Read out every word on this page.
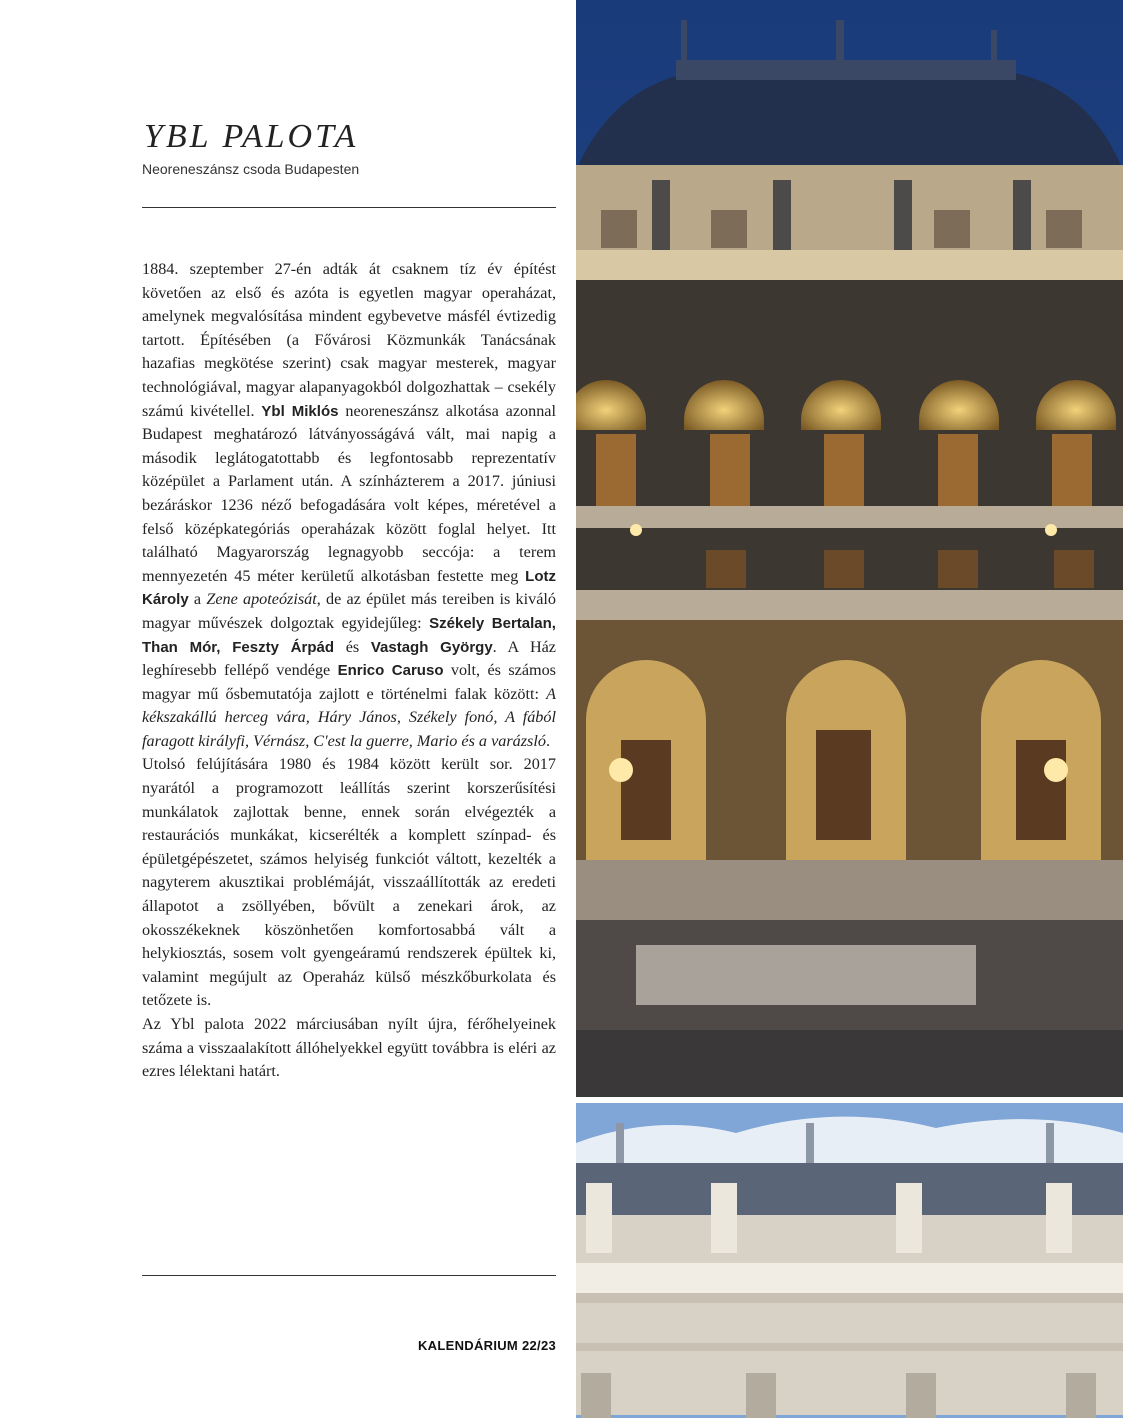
YBL PALOTA
Neoreneszánsz csoda Budapesten

1884. szeptember 27-én adták át csaknem tíz év építést követően az első és azóta is egyetlen magyar operaházat, amelynek megvalósítása mindent egybevetve másfél évtizedig tartott. Építésében (a Fővárosi Közmunkák Tanácsának hazafias megkötése szerint) csak magyar mesterek, magyar technológiával, magyar alapanyagokból dolgozhattak – csekély számú kivétellel. Ybl Miklós neoreneszánsz alkotása azonnal Budapest meghatározó látványosságává vált, mai napig a második leglátogatottabb és legfontosabb reprezentatív középület a Parlament után. A színházterem a 2017. júniusi bezáráskor 1236 néző befogadására volt képes, méretével a felső középkategóriás operaházak között foglal helyet. Itt található Magyarország legnagyobb seccója: a terem mennyezetén 45 méter kerületű alkotásban festette meg Lotz Károly a Zene apoteózisát, de az épület más tereiben is kiváló magyar művészek dolgoztak egyidejűleg: Székely Bertalan, Than Mór, Feszty Árpád és Vastagh György. A Ház leghíresebb fellépő vendége Enrico Caruso volt, és számos magyar mű ősbemutatója zajlott e történelmi falak között: A kékszakállú herceg vára, Háry János, Székely fonó, A fából faragott királyfi, Vérnász, C'est la guerre, Mario és a varázsló.

Utolsó felújítására 1980 és 1984 között került sor. 2017 nyarától a programozott leállítás szerint korszerűsítési munkálatok zajlottak benne, ennek során elvégezték a restaurációs munkákat, kicserélték a komplett színpad- és épületgépészetet, számos helyiség funkciót váltott, kezelték a nagyterem akusztikai problémáját, visszaállították az eredeti állapotot a zsöllyében, bővült a zenekari árok, az okosszékeknek köszönhetően komfortosabbá vált a helykiosztás, sosem volt gyengeáramú rendszerek épültek ki, valamint megújult az Operaház külső mészkőburkolata és tetőzete is.

Az Ybl palota 2022 márciusában nyílt újra, férőhelyeinek száma a visszaalakított állóhelyekkel együtt továbbra is eléri az ezres lélektani határt.

KALENDÁRIUM 22/23
